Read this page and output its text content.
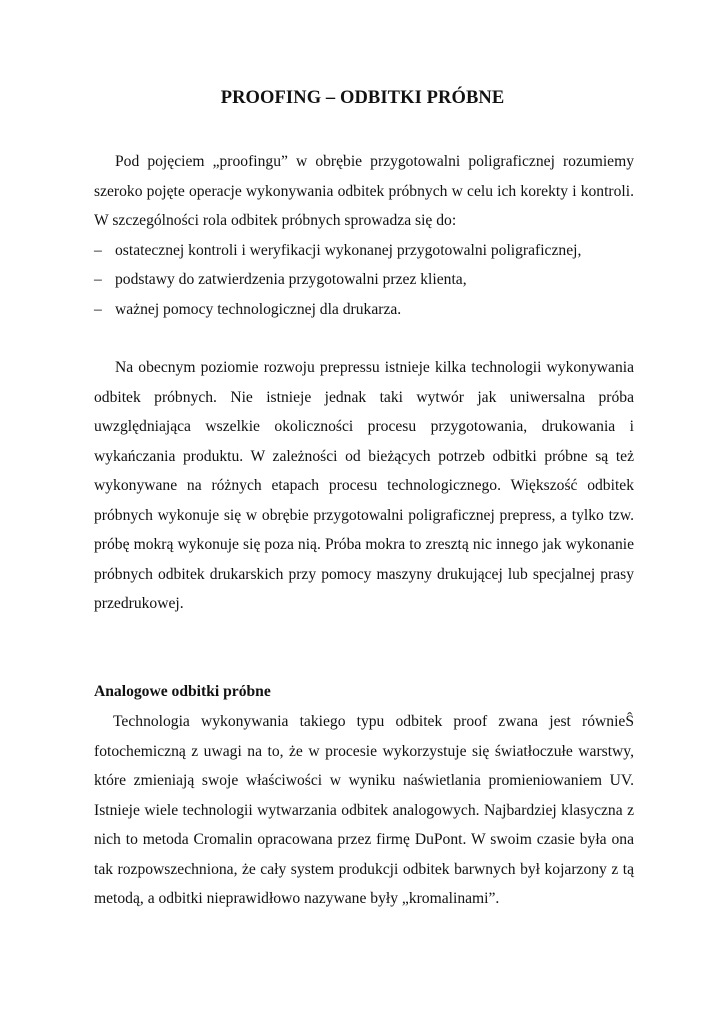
PROOFING – ODBITKI PRÓBNE

Pod pojęciem „proofingu” w obrębie przygotowalni poligraficznej rozumiemy szeroko pojęte operacje wykonywania odbitek próbnych w celu ich korekty i kontroli. W szczególności rola odbitek próbnych sprowadza się do:

– ostatecznej kontroli i weryfikacji wykonanej przygotowalni poligraficznej,
– podstawy do zatwierdzenia przygotowalni przez klienta,
– ważnej pomocy technologicznej dla drukarza.

Na obecnym poziomie rozwoju prepressu istnieje kilka technologii wykonywania odbitek próbnych. Nie istnieje jednak taki wytwór jak uniwersalna próba uwzględniająca wszelkie okoliczności procesu przygotowania, drukowania i wykańczania produktu. W zależności od bieżących potrzeb odbitki próbne są też wykonywane na różnych etapach procesu technologicznego. Większość odbitek próbnych wykonuje się w obrębie przygotowalni poligraficznej prepress, a tylko tzw. próbę mokrą wykonuje się poza nią. Próba mokra to zresztą nic innego jak wykonanie próbnych odbitek drukarskich przy pomocy maszyny drukującej lub specjalnej prasy przedrukowej.

Analogowe odbitki próbne

Technologia wykonywania takiego typu odbitek proof zwana jest równieŜ fotochemiczną z uwagi na to, że w procesie wykorzystuje się światłoczułe warstwy, które zmieniają swoje właściwości w wyniku naświetlania promieniowaniem UV. Istnieje wiele technologii wytwarzania odbitek analogowych. Najbardziej klasyczna z nich to metoda Cromalin opracowana przez firmę DuPont. W swoim czasie była ona tak rozpowszechniona, że cały system produkcji odbitek barwnych był kojarzony z tą metodą, a odbitki nieprawidłowo nazywane były „kromalinami”.
